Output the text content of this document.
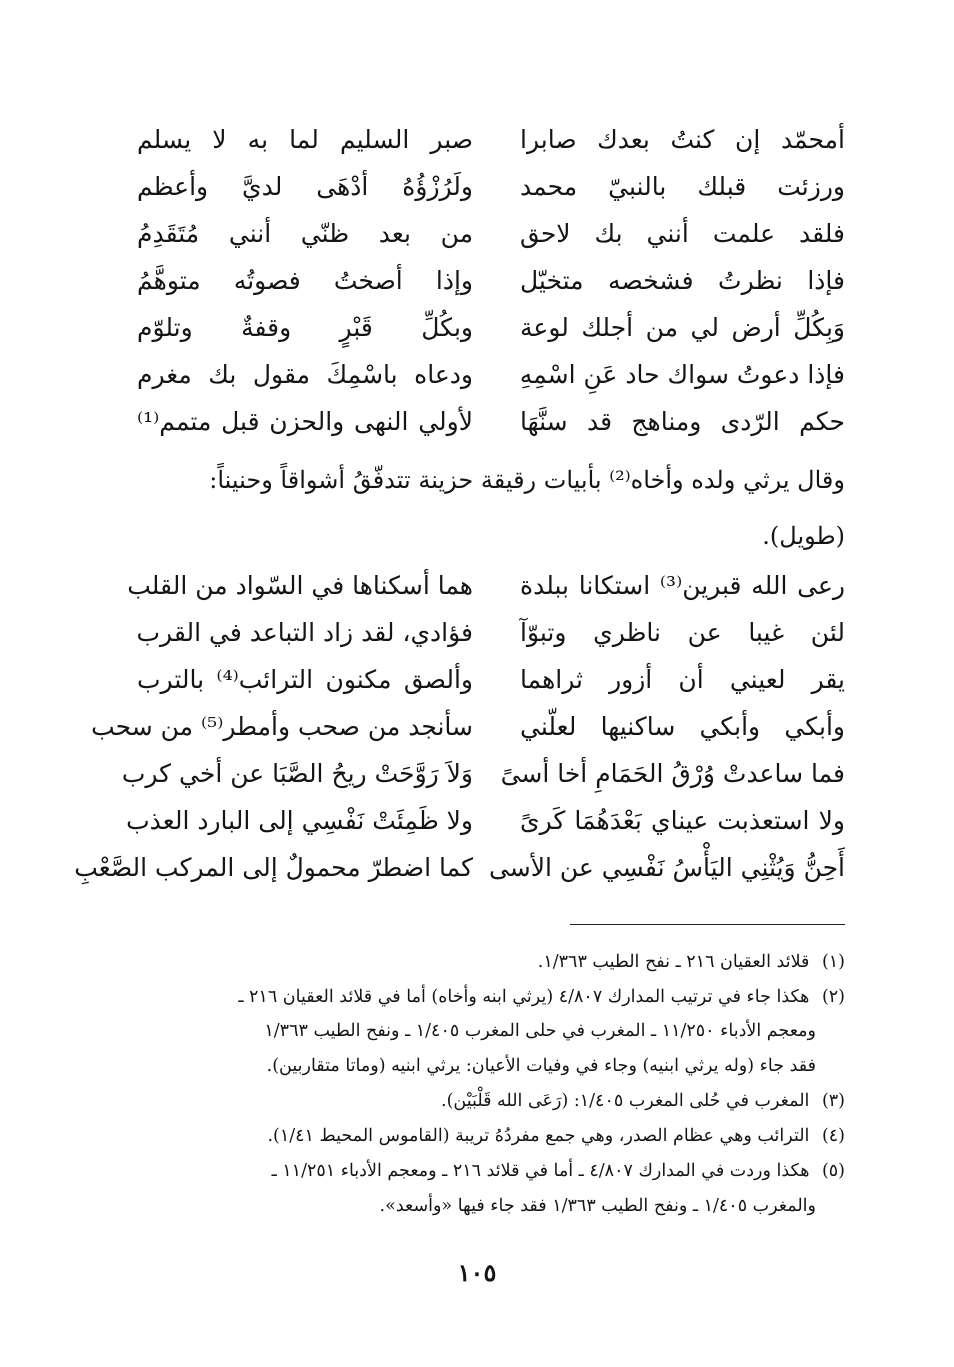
أمحمّد إن كنتُ بعدك صابرا
صبر السليم لما به لا يسلم
ورزئت قبلك بالنبيّ محمد
ولَرُزْؤُهُ أدْهَى لديَّ وأعظم
فلقد علمت أنني بك لاحق
من بعد ظنّي أنني مُتَقَدِمُ
فإذا نظرتُ فشخصه متخيّل
وإذا أصختُ فصوتُه متوهَّمُ
وَبِكُلِّ أرض لي من أجلك لوعة
وبكُلِّ قَبْرٍ وقفةٌ وتلوّم
فإذا دعوتُ سواك حاد عَنِ اسْمِهِ
ودعاه باسْمِكَ مقول بك مغرم
حكم الرّدى ومناهج قد سنَّهَا
لأولي النهى والحزن قبل متمم⁽¹⁾
وقال يرثي ولده وأخاه⁽²⁾ بأبيات رقيقة حزينة تتدفّقُ أشواقاً وحنيناً:
(طويل).
رعى الله قبرين⁽³⁾ استكانا ببلدة
هما أسكناها في السّواد من القلب
لئن غيبا عن ناظري وتبوّآ
فؤادي، لقد زاد التباعد في القرب
يقر لعيني أن أزور ثراهما
وألصق مكنون الترائب⁽⁴⁾ بالترب
وأبكي وأبكي ساكنيها لعلّني
سأنجد من صحب وأمطر⁽⁵⁾ من سحب
فما ساعدتْ وُرْقُ الحَمَامِ أخا أسىً
وَلاَ رَوَّحَتْ ريحُ الصَّبَا عن أخي كرب
ولا استعذبت عيناي بَعْدَهُمَا كَرىً
ولا ظَمِئَتْ نَفْسِي إلى البارد العذب
أَحِنُّ وَيُثْنِي اليَأْسُ نَفْسِي عن الأسى
كما اضطرّ محمولٌ إلى المركب الصَّعْبِ
(١) قلائد العقيان ٢١٦ ـ نفح الطيب ١/٣٦٣.
(٢) هكذا جاء في ترتيب المدارك ٤/٨٠٧ (يرثي ابنه وأخاه) أما في قلائد العقيان ٢١٦ ـ
ومعجم الأدباء ١١/٢٥٠ ـ المغرب في حلى المغرب ١/٤٠٥ ـ ونفح الطيب ١/٣٦٣
فقد جاء (وله يرثي ابنيه) وجاء في وفيات الأعيان: يرثي ابنيه (وماتا متقاربين).
(٣) المغرب في حُلى المغرب ١/٤٠٥: (رَعَى الله قَلْبَيْن).
(٤) الترائب وهي عظام الصدر، وهي جمع مفردُهُ تريبة (القاموس المحيط ١/٤١).
(٥) هكذا وردت في المدارك ٤/٨٠٧ ـ أما في قلائد ٢١٦ ـ ومعجم الأدباء ١١/٢٥١ ـ
والمغرب ١/٤٠٥ ـ ونفح الطيب ١/٣٦٣ فقد جاء فيها «وأسعد».
١٠٥
